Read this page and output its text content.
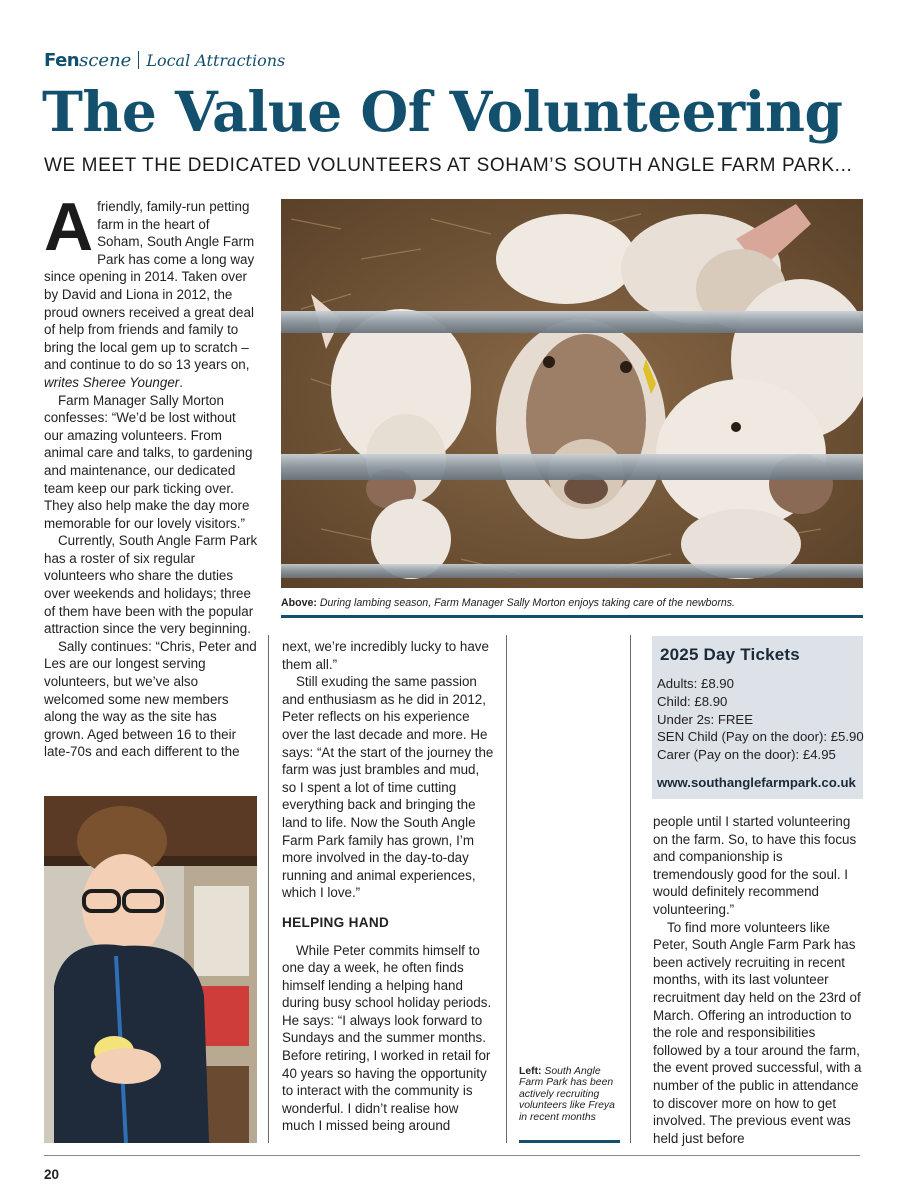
Fen scene Local Attractions
The Value Of Volunteering
WE MEET THE DEDICATED VOLUNTEERS AT SOHAM’S SOUTH ANGLE FARM PARK...

A friendly, family-run petting farm in the heart of Soham, South Angle Farm Park has come a long way since opening in 2014. Taken over by David and Liona in 2012, the proud owners received a great deal of help from friends and family to bring the local gem up to scratch – and continue to do so 13 years on, writes Sheree Younger.

Farm Manager Sally Morton confesses: “We’d be lost without our amazing volunteers. From animal care and talks, to gardening and maintenance, our dedicated team keep our park ticking over. They also help make the day more memorable for our lovely visitors.”

Currently, South Angle Farm Park has a roster of six regular volunteers who share the duties over weekends and holidays; three of them have been with the popular attraction since the very beginning.

Sally continues: “Chris, Peter and Les are our longest serving volunteers, but we’ve also welcomed some new members along the way as the site has grown. Aged between 16 to their late-70s and each different to the

Above: During lambing season, Farm Manager Sally Morton enjoys taking care of the newborns.

next, we’re incredibly lucky to have them all.”

Still exuding the same passion and enthusiasm as he did in 2012, Peter reflects on his experience over the last decade and more. He says: “At the start of the journey the farm was just brambles and mud, so I spent a lot of time cutting everything back and bringing the land to life. Now the South Angle Farm Park family has grown, I’m more involved in the day-to-day running and animal experiences, which I love.”

HELPING HAND

While Peter commits himself to one day a week, he often finds himself lending a helping hand during busy school holiday periods. He says: “I always look forward to Sundays and the summer months. Before retiring, I worked in retail for 40 years so having the opportunity to interact with the community is wonderful. I didn’t realise how much I missed being around

Left: South Angle Farm Park has been actively recruiting volunteers like Freya in recent months
2025 Day Tickets
Adults: £8.90
Child: £8.90
Under 2s: FREE
SEN Child (Pay on the door): £5.90
Carer (Pay on the door): £4.95
www.southanglefarmpark.co.uk

people until I started volunteering on the farm. So, to have this focus and companionship is tremendously good for the soul. I would definitely recommend volunteering.”

To find more volunteers like Peter, South Angle Farm Park has been actively recruiting in recent months, with its last volunteer recruitment day held on the 23rd of March. Offering an introduction to the role and responsibilities followed by a tour around the farm, the event proved successful, with a number of the public in attendance to discover more on how to get involved. The previous event was held just before

20
